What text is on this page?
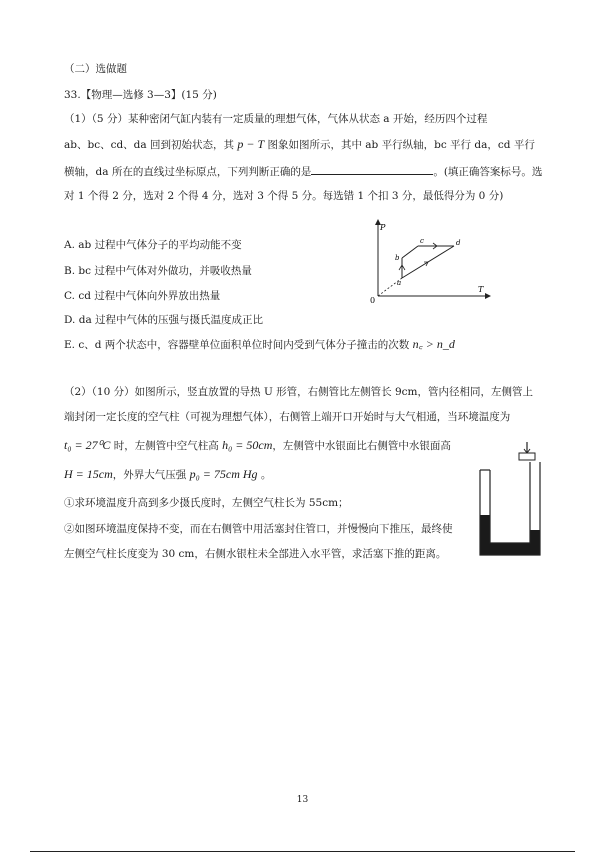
（二）选做题
33.【物理—选修 3—3】(15 分)
（1）（5 分）某种密闭气缸内装有一定质量的理想气体，气体从状态 a 开始，经历四个过程
ab、bc、cd、da 回到初始状态，其 p − T 图象如图所示，其中 ab 平行纵轴，bc 平行 da，cd 平行
横轴，da 所在的直线过坐标原点，下列判断正确的是	。(填正确答案标号。选
对 1 个得 2 分，选对 2 个得 4 分，选对 3 个得 5 分。每选错 1 个扣 3 分，最低得分为 0 分)
A. ab 过程中气体分子的平均动能不变
B. bc 过程中气体对外做功，并吸收热量
C. cd 过程中气体向外界放出热量
D. da 过程中气体的压强与摄氏温度成正比
E. c、d 两个状态中，容器壁单位面积单位时间内受到气体分子撞击的次数 n꜀ > n_d
P
T
0
a
b
c	d
（2）（10 分）如图所示，竖直放置的导热 U 形管，右侧管比左侧管长 9cm，管内径相同，左侧管上
端封闭一定长度的空气柱（可视为理想气体），右侧管上端开口开始时与大气相通，当环境温度为
t₀ = 27⁰C 时，左侧管中空气柱高 h₀ = 50cm，左侧管中水银面比右侧管中水银面高
H = 15cm，外界大气压强 p₀ = 75cm Hg 。
①求环境温度升高到多少摄氏度时，左侧空气柱长为 55cm；
②如图环境温度保持不变，而在右侧管中用活塞封住管口，并慢慢向下推压，最终使
左侧空气柱长度变为 30 cm，右侧水银柱未全部进入水平管，求活塞下推的距离。
13
